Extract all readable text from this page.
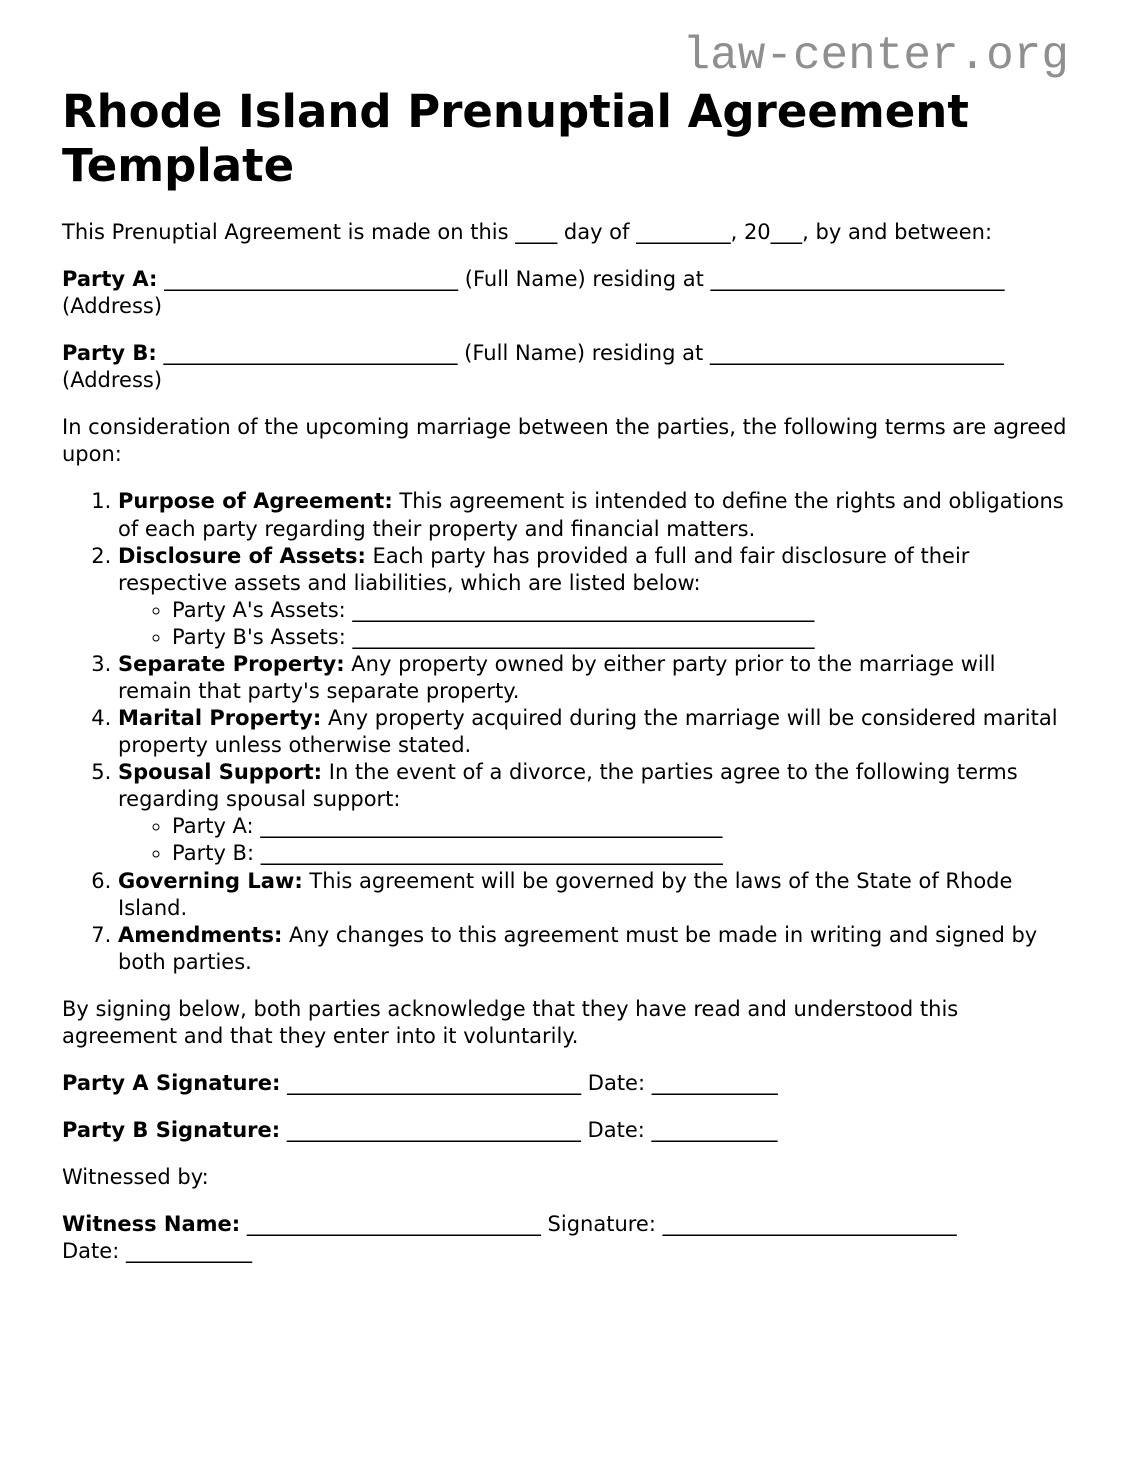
law-center.org
Rhode Island Prenuptial Agreement Template

This Prenuptial Agreement is made on this ____ day of _________, 20___, by and between:

Party A: ____________________________ (Full Name) residing at ____________________________
(Address)

Party B: ____________________________ (Full Name) residing at ____________________________
(Address)

In consideration of the upcoming marriage between the parties, the following terms are agreed upon:

1. Purpose of Agreement: This agreement is intended to define the rights and obligations of each party regarding their property and financial matters.
2. Disclosure of Assets: Each party has provided a full and fair disclosure of their respective assets and liabilities, which are listed below:
◦ Party A's Assets: ____________________________________________
◦ Party B's Assets: ____________________________________________
3. Separate Property: Any property owned by either party prior to the marriage will remain that party's separate property.
4. Marital Property: Any property acquired during the marriage will be considered marital property unless otherwise stated.
5. Spousal Support: In the event of a divorce, the parties agree to the following terms regarding spousal support:
◦ Party A: ____________________________________________
◦ Party B: ____________________________________________
6. Governing Law: This agreement will be governed by the laws of the State of Rhode Island.
7. Amendments: Any changes to this agreement must be made in writing and signed by both parties.

By signing below, both parties acknowledge that they have read and understood this agreement and that they enter into it voluntarily.

Party A Signature: ____________________________ Date: ____________

Party B Signature: ____________________________ Date: ____________

Witnessed by:

Witness Name: ____________________________ Signature: ____________________________
Date: ____________
